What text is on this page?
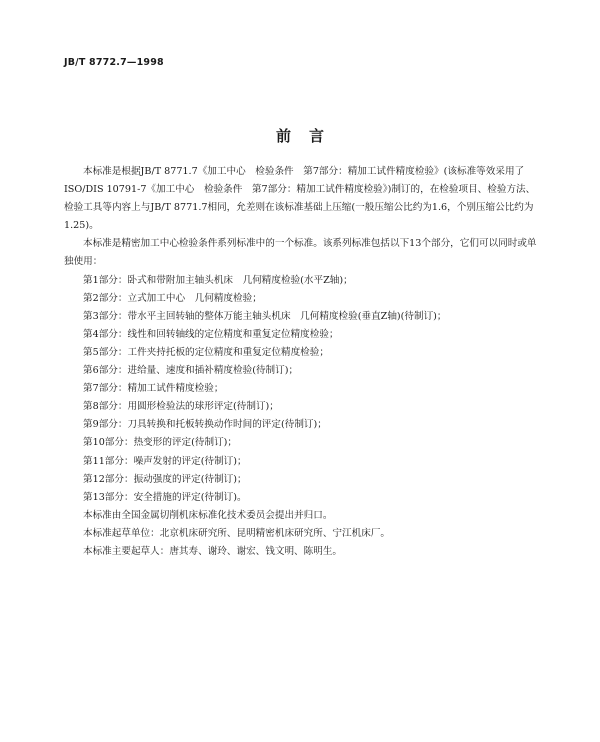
JB/T 8772.7—1998
前言

本标准是根据JB/T 8771.7《加工中心　检验条件　第7部分：精加工试件精度检验》(该标准等效采用了ISO/DIS 10791-7《加工中心　检验条件　第7部分：精加工试件精度检验》)制订的，在检验项目、检验方法、检验工具等内容上与JB/T 8771.7相同，允差则在该标准基础上压缩(一般压缩公比约为1.6，个别压缩公比约为1.25)。

本标准是精密加工中心检验条件系列标准中的一个标准。该系列标准包括以下13个部分，它们可以同时或单独使用：

第1部分：卧式和带附加主轴头机床　几何精度检验(水平Z轴)；

第2部分：立式加工中心　几何精度检验；

第3部分：带水平主回转轴的整体万能主轴头机床　几何精度检验(垂直Z轴)(待制订)；

第4部分：线性和回转轴线的定位精度和重复定位精度检验；

第5部分：工件夹持托板的定位精度和重复定位精度检验；

第6部分：进给量、速度和插补精度检验(待制订)；

第7部分：精加工试件精度检验；

第8部分：用圆形检验法的球形评定(待制订)；

第9部分：刀具转换和托板转换动作时间的评定(待制订)；

第10部分：热变形的评定(待制订)；

第11部分：噪声发射的评定(待制订)；

第12部分：振动强度的评定(待制订)；

第13部分：安全措施的评定(待制订)。

本标准由全国金属切削机床标准化技术委员会提出并归口。

本标准起草单位：北京机床研究所、昆明精密机床研究所、宁江机床厂。

本标准主要起草人：唐其寿、谢玲、谢宏、钱文明、陈明生。
